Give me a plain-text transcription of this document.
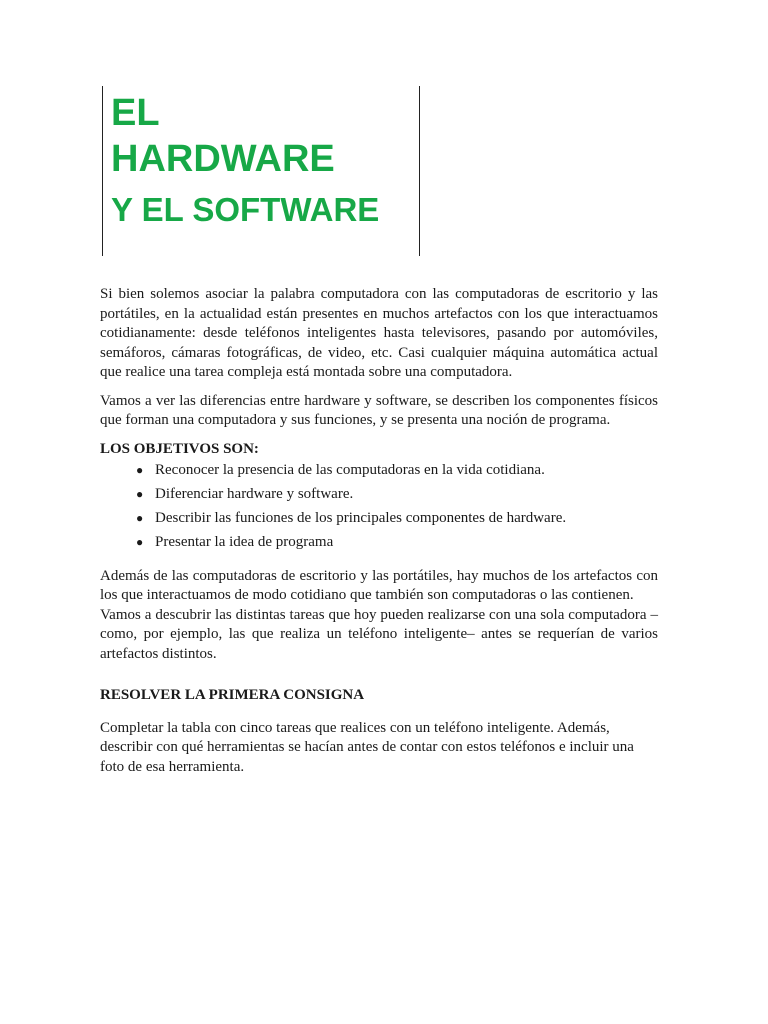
EL
HARDWARE
Y EL SOFTWARE

Si bien solemos asociar la palabra computadora con las computadoras de escritorio y las portátiles, en la actualidad están presentes en muchos artefactos con los que interactuamos cotidianamente: desde teléfonos inteligentes hasta televisores, pasando por automóviles, semáforos, cámaras fotográficas, de video, etc. Casi cualquier máquina automática actual que realice una tarea compleja está montada sobre una computadora.

Vamos a ver las diferencias entre hardware y software, se describen los componentes físicos que forman una computadora y sus funciones, y se presenta una noción de programa.

LOS OBJETIVOS SON:

● Reconocer la presencia de las computadoras en la vida cotidiana.
● Diferenciar hardware y software.
● Describir las funciones de los principales componentes de hardware.
● Presentar la idea de programa

Además de las computadoras de escritorio y las portátiles, hay muchos de los artefactos con los que interactuamos de modo cotidiano que también son computadoras o las contienen.

Vamos a descubrir las distintas tareas que hoy pueden realizarse con una sola computadora –como, por ejemplo, las que realiza un teléfono inteligente– antes se requerían de varios artefactos distintos.

RESOLVER LA PRIMERA CONSIGNA

Completar la tabla con cinco tareas que realices con un teléfono inteligente. Además, describir con qué herramientas se hacían antes de contar con estos teléfonos e incluir una foto de esa herramienta.
